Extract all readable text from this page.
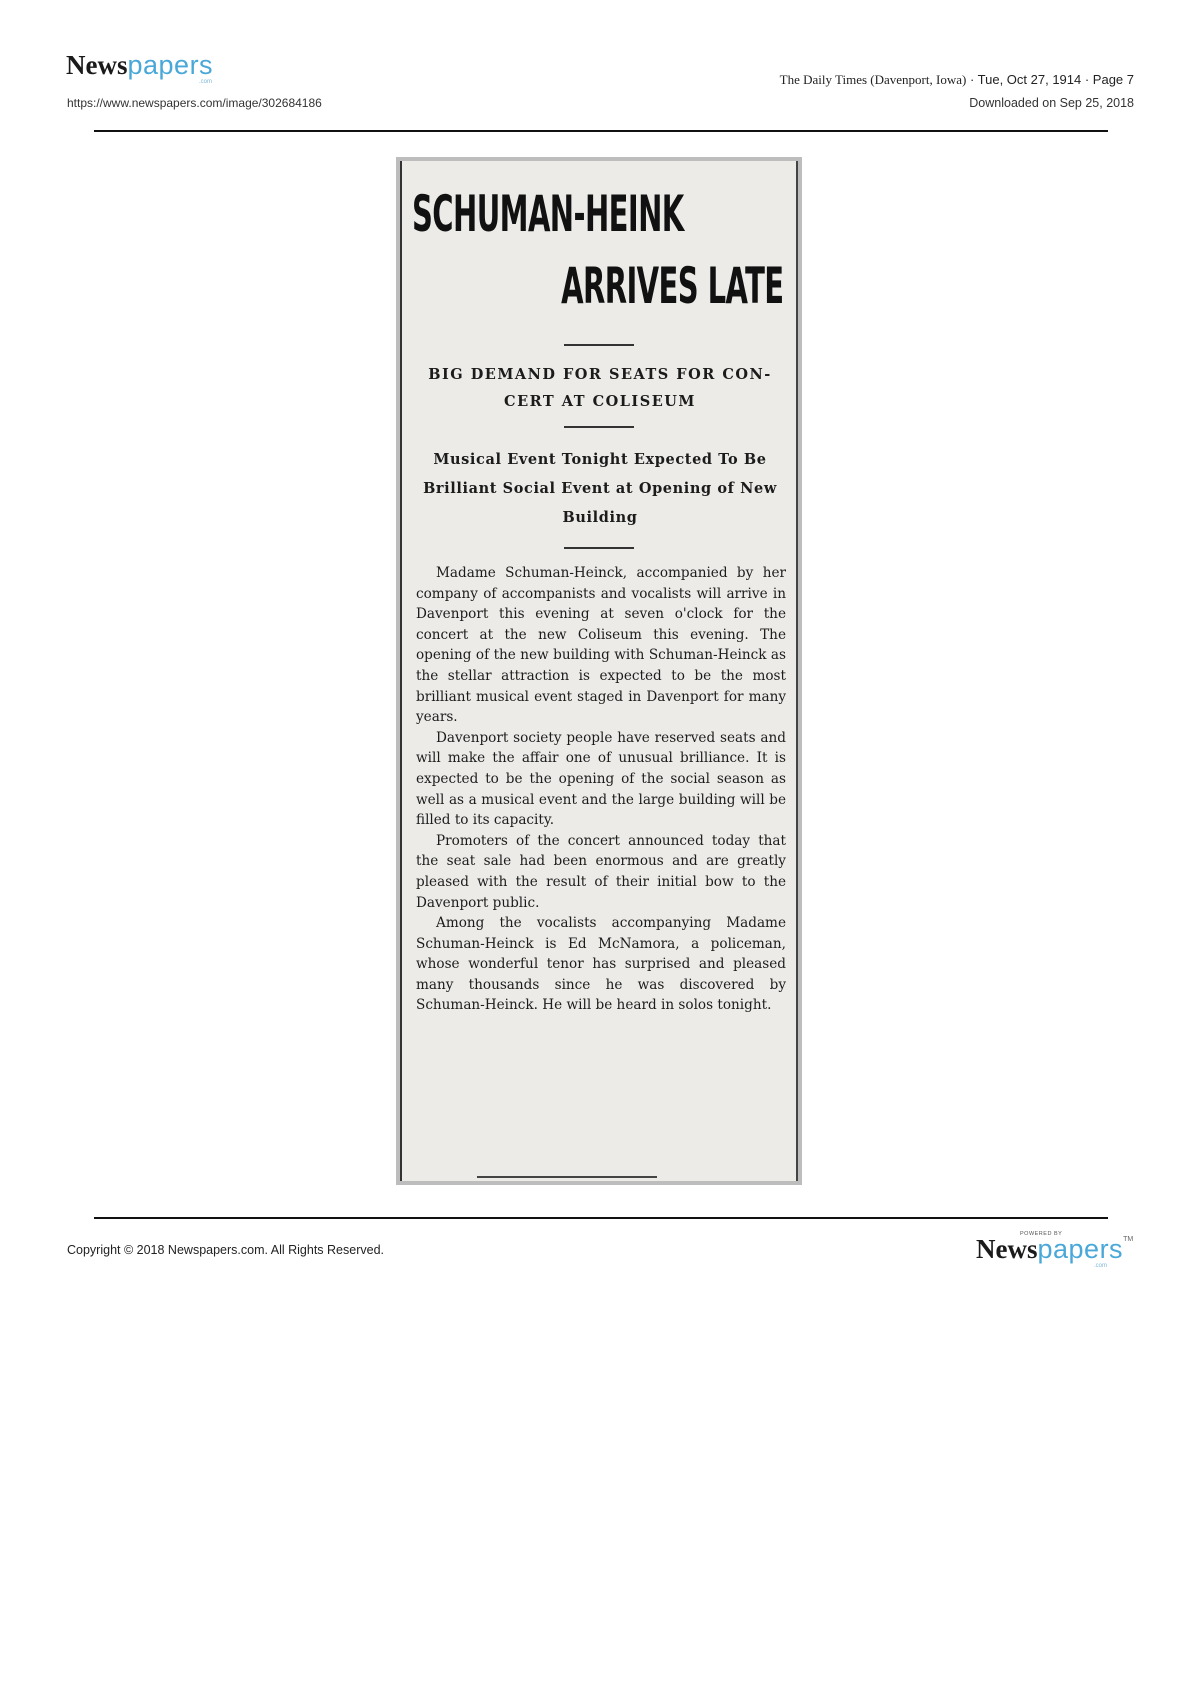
Newspapers
.com
https://www.newspapers.com/image/302684186
The Daily Times (Davenport, Iowa) · Tue, Oct 27, 1914 · Page 7
Downloaded on Sep 25, 2018
SCHUMAN-HEINK
ARRIVES LATE
BIG DEMAND FOR SEATS FOR CON-CERT AT COLISEUM
Musical Event Tonight Expected To Be Brilliant Social Event at Opening of New Building

Madame Schuman-Heinck, accompanied by her company of accompanists and vocalists will arrive in Davenport this evening at seven o'clock for the concert at the new Coliseum this evening. The opening of the new building with Schuman-Heinck as the stellar attraction is expected to be the most brilliant musical event staged in Davenport for many years.

Davenport society people have reserved seats and will make the affair one of unusual brilliance. It is expected to be the opening of the social season as well as a musical event and the large building will be filled to its capacity.

Promoters of the concert announced today that the seat sale had been enormous and are greatly pleased with the result of their initial bow to the Davenport public.

Among the vocalists accompanying Madame Schuman-Heinck is Ed McNamora, a policeman, whose wonderful tenor has surprised and pleased many thousands since he was discovered by Schuman-Heinck. He will be heard in solos tonight.

Copyright © 2018 Newspapers.com. All Rights Reserved.
POWERED BY
Newspapers™
.com
